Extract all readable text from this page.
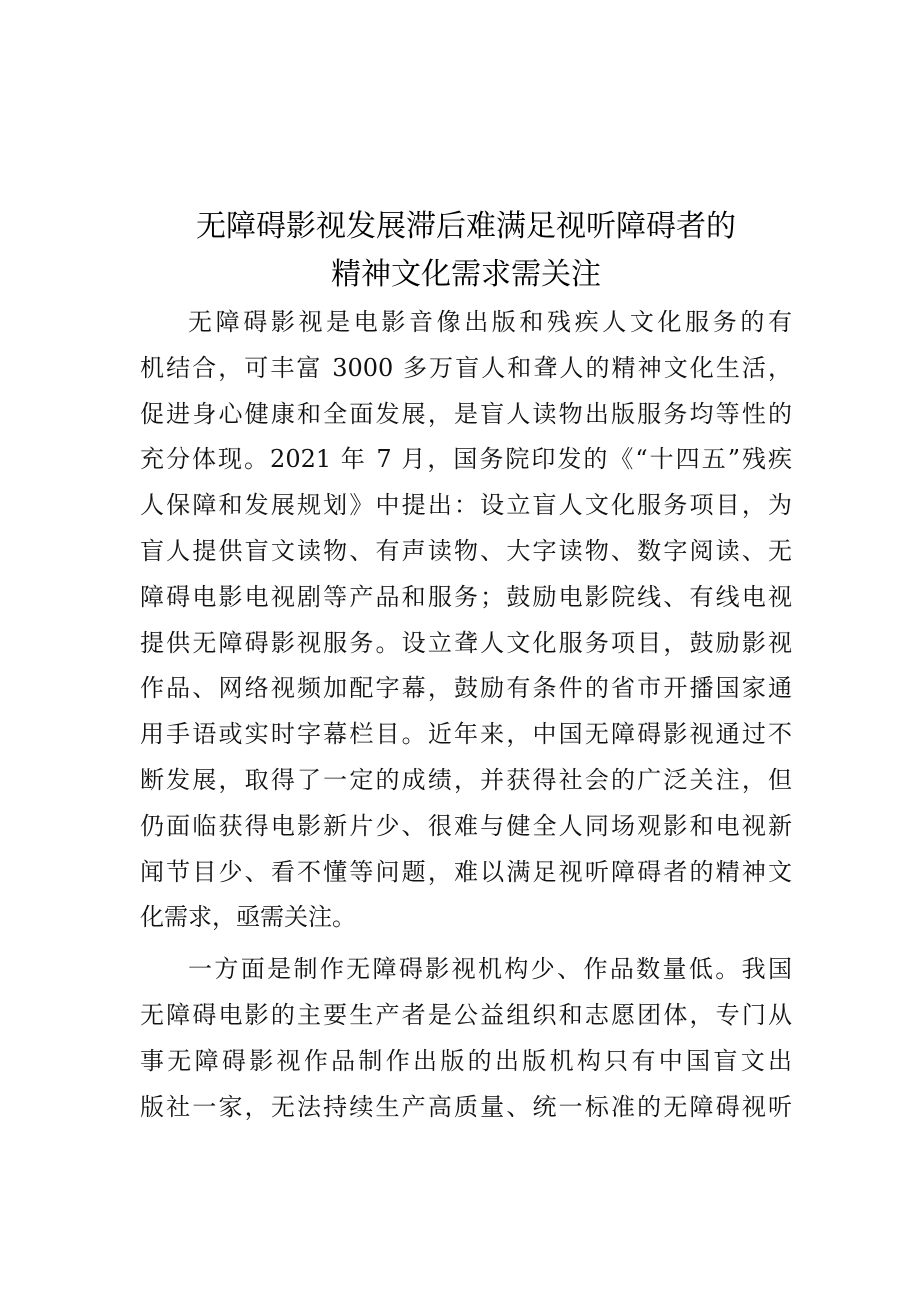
无障碍影视发展滞后难满足视听障碍者的
精神文化需求需关注

无障碍影视是电影音像出版和残疾人文化服务的有
机结合，可丰富 3000 多万盲人和聋人的精神文化生活，
促进身心健康和全面发展，是盲人读物出版服务均等性的
充分体现。2021 年 7 月，国务院印发的《“十四五”残疾
人保障和发展规划》中提出：设立盲人文化服务项目，为
盲人提供盲文读物、有声读物、大字读物、数字阅读、无
障碍电影电视剧等产品和服务；鼓励电影院线、有线电视
提供无障碍影视服务。设立聋人文化服务项目，鼓励影视
作品、网络视频加配字幕，鼓励有条件的省市开播国家通
用手语或实时字幕栏目。近年来，中国无障碍影视通过不
断发展，取得了一定的成绩，并获得社会的广泛关注，但
仍面临获得电影新片少、很难与健全人同场观影和电视新
闻节目少、看不懂等问题，难以满足视听障碍者的精神文
化需求，亟需关注。

一方面是制作无障碍影视机构少、作品数量低。我国
无障碍电影的主要生产者是公益组织和志愿团体，专门从
事无障碍影视作品制作出版的出版机构只有中国盲文出
版社一家，无法持续生产高质量、统一标准的无障碍视听
